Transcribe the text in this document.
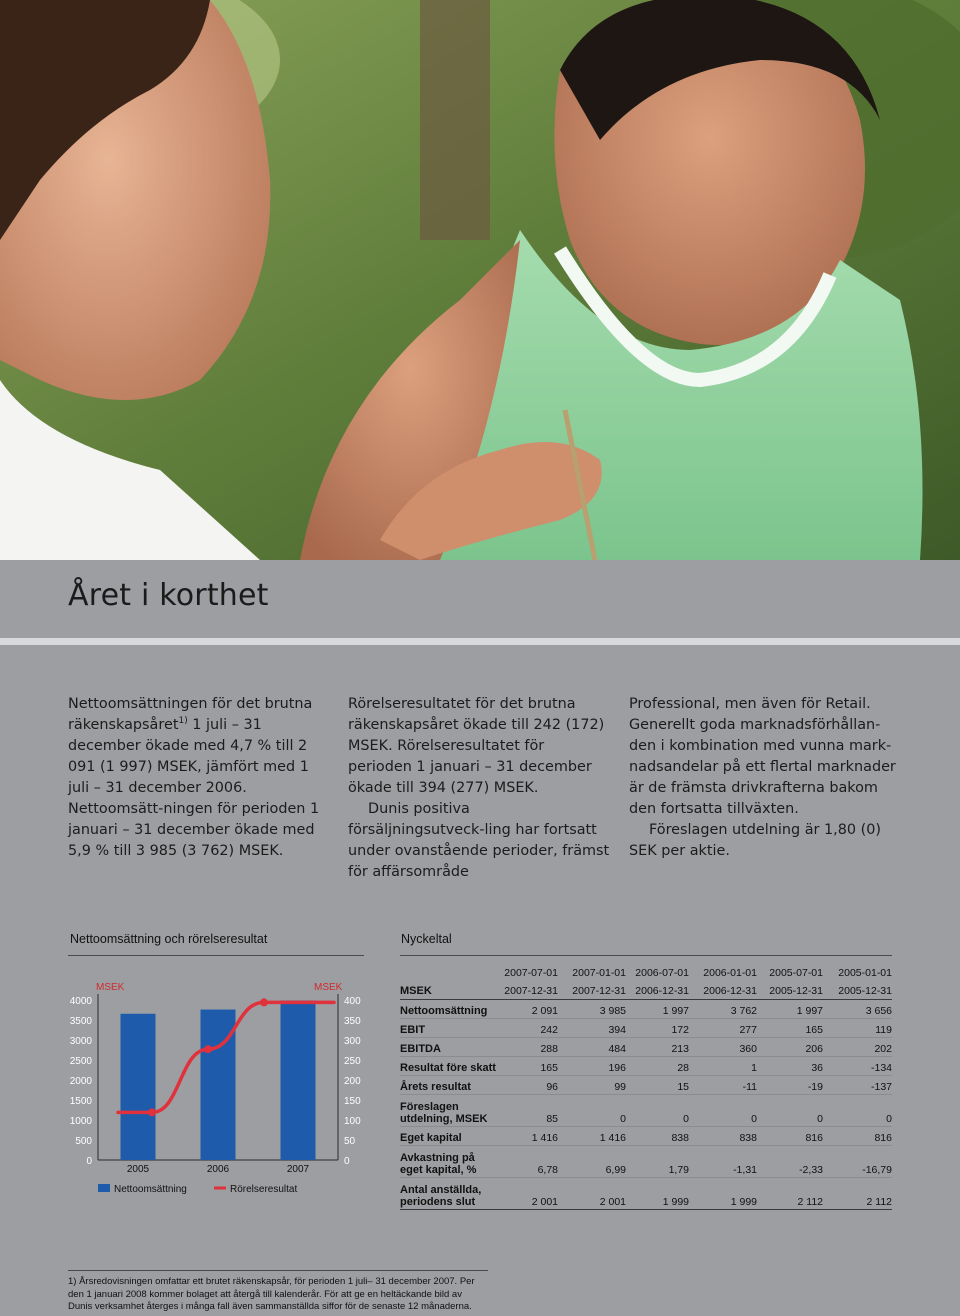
Året i korthet

Nettoomsättningen för det brutna räkenskapsåret$^{1)}$ 1 juli – 31 december ökade med 4,7 % till 2 091 (1 997) MSEK, jämfört med 1 juli – 31 december 2006. Nettoomsätt-ningen för perioden 1 januari – 31 december ökade med 5,9 % till 3 985 (3 762) MSEK.

Rörelseresultatet för det brutna räkenskapsåret ökade till 242 (172) MSEK. Rörelseresultatet för perioden 1 januari – 31 december ökade till 394 (277) MSEK.

Dunis positiva försäljningsutveck-ling har fortsatt under ovanstående perioder, främst för affärsområde

Professional, men även för Retail. Generellt goda marknadsförhållan-den i kombination med vunna mark-nadsandelar på ett flertal marknader är de främsta drivkrafterna bakom den fortsatta tillväxten.

Föreslagen utdelning är 1,80 (0) SEK per aktie.

Nettoomsättning och rörelseresultat	Nyckeltal
4000
3500
3000
2500
2000
1500
1000
500
0
400
350
300
250
200
150
100
50
0
MSEK	MSEK
2005	2006	2007
Nettoomsättning	Rörelseresultat
	2007-07-01	2007-01-01	2006-07-01	2006-01-01	2005-07-01	2005-01-01
MSEK	2007-12-31	2007-12-31	2006-12-31	2006-12-31	2005-12-31	2005-12-31
Nettoomsättning	2 091	3 985	1 997	3 762	1 997	3 656
EBIT	242	394	172	277	165	119
EBITDA	288	484	213	360	206	202
Resultat före skatt	165	196	28	1	36	-134
Årets resultat	96	99	15	-11	-19	-137
Föreslagen utdelning, MSEK	85	0	0	0	0	0
Eget kapital	1 416	1 416	838	838	816	816
Avkastning på eget kapital, %	6,78	6,99	1,79	-1,31	-2,33	-16,79
Antal anställda, periodens slut	2 001	2 001	1 999	1 999	2 112	2 112

1) Årsredovisningen omfattar ett brutet räkenskapsår, för perioden 1 juli– 31 december 2007. Per den 1 januari 2008 kommer bolaget att återgå till kalenderår. För att ge en heltäckande bild av Dunis verksamhet återges i många fall även sammanställda siffor för de senaste 12 månaderna.
